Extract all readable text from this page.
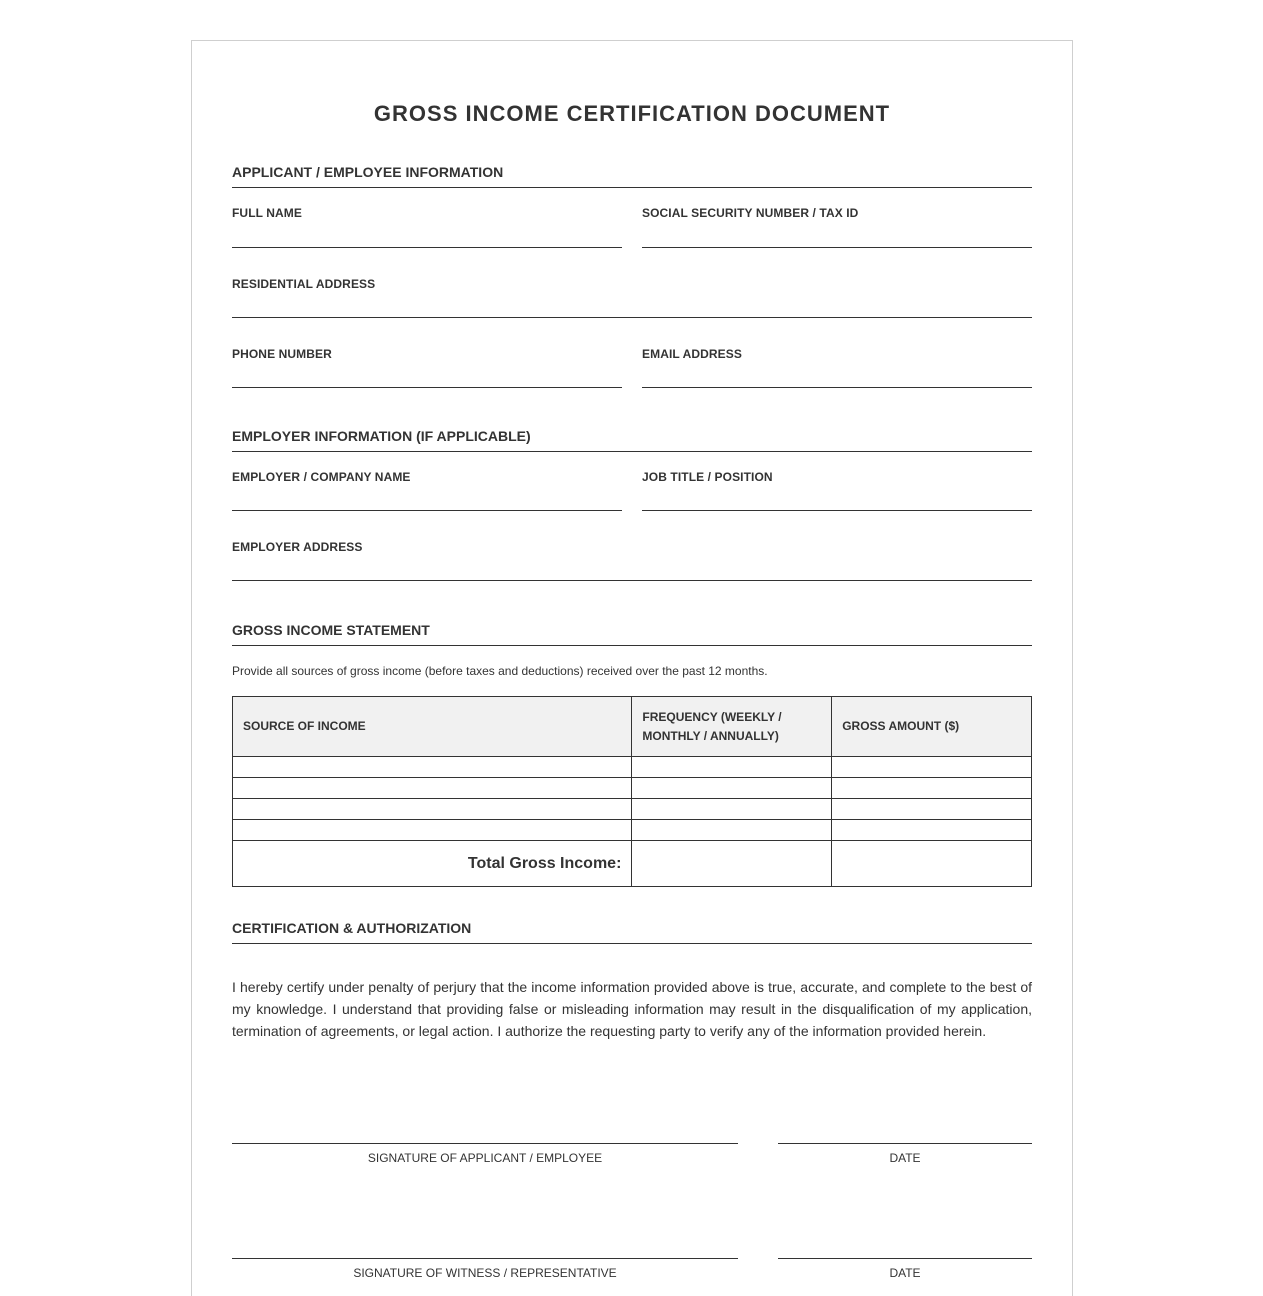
GROSS INCOME CERTIFICATION DOCUMENT
APPLICANT / EMPLOYEE INFORMATION
FULL NAME	SOCIAL SECURITY NUMBER / TAX ID
RESIDENTIAL ADDRESS
PHONE NUMBER	EMAIL ADDRESS
EMPLOYER INFORMATION (IF APPLICABLE)
EMPLOYER / COMPANY NAME	JOB TITLE / POSITION
EMPLOYER ADDRESS
GROSS INCOME STATEMENT
Provide all sources of gross income (before taxes and deductions) received over the past 12 months.
SOURCE OF INCOME	FREQUENCY (WEEKLY / MONTHLY / ANNUALLY)	GROSS AMOUNT ($)

Total Gross Income:		
CERTIFICATION & AUTHORIZATION
I hereby certify under penalty of perjury that the income information provided above is true, accurate, and complete to the best of my knowledge. I understand that providing false or misleading information may result in the disqualification of my application, termination of agreements, or legal action. I authorize the requesting party to verify any of the information provided herein.
SIGNATURE OF APPLICANT / EMPLOYEE	DATE
SIGNATURE OF WITNESS / REPRESENTATIVE	DATE
